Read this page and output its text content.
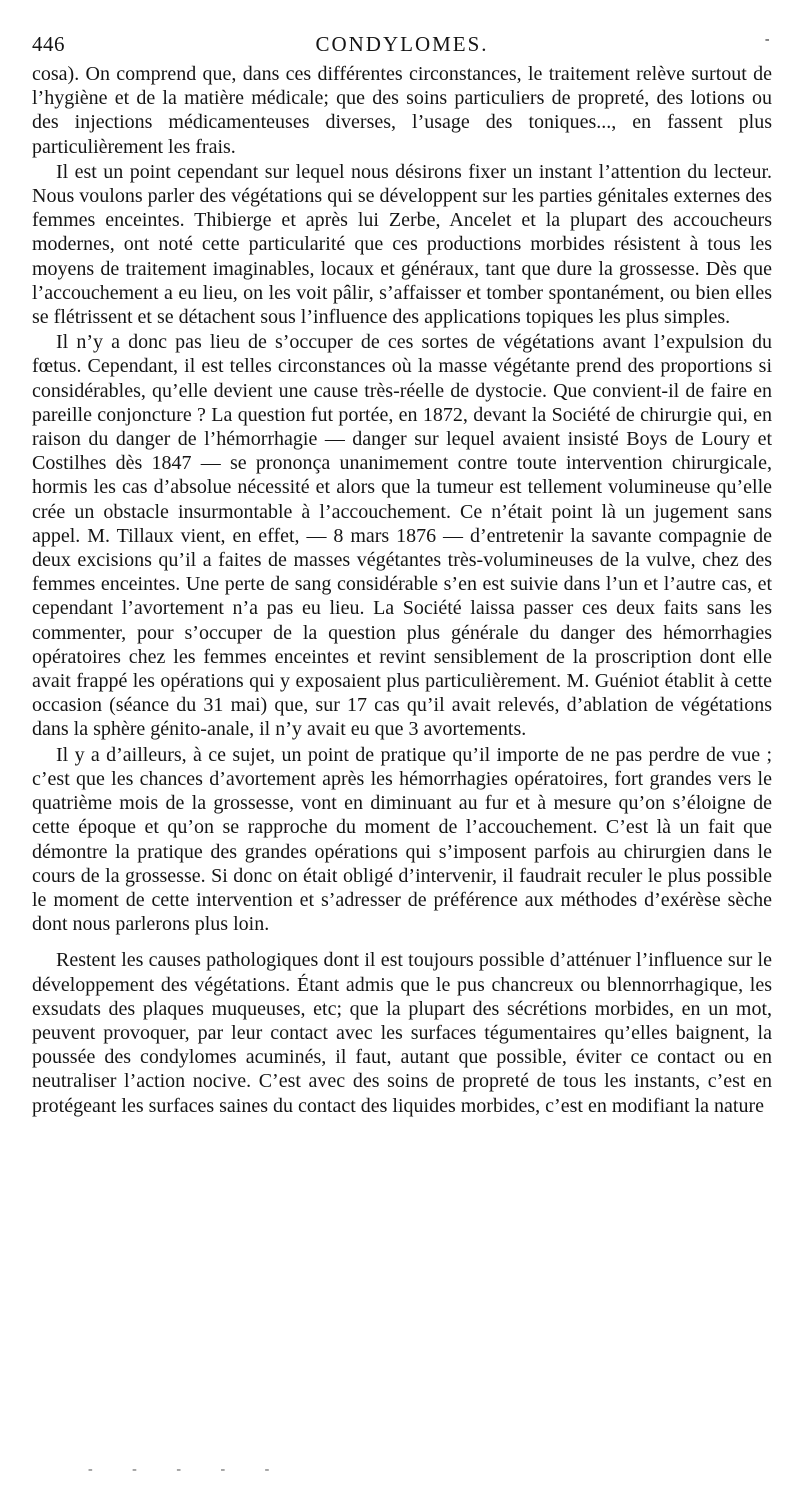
446	CONDYLOMES.	-

cosa). On comprend que, dans ces différentes circonstances, le traitement relève surtout de l’hygiène et de la matière médicale; que des soins particuliers de propreté, des lotions ou des injections médicamenteuses diverses, l’usage des toniques..., en fassent plus particulièrement les frais.

Il est un point cependant sur lequel nous désirons fixer un instant l’attention du lecteur. Nous voulons parler des végétations qui se développent sur les parties génitales externes des femmes enceintes. Thibierge et après lui Zerbe, Ancelet et la plupart des accoucheurs modernes, ont noté cette particularité que ces productions morbides résistent à tous les moyens de traitement imaginables, locaux et généraux, tant que dure la grossesse. Dès que l’accouchement a eu lieu, on les voit pâlir, s’affaisser et tomber spontanément, ou bien elles se flétrissent et se détachent sous l’influence des applications topiques les plus simples.

Il n’y a donc pas lieu de s’occuper de ces sortes de végétations avant l’expulsion du fœtus. Cependant, il est telles circonstances où la masse végétante prend des proportions si considérables, qu’elle devient une cause très-réelle de dystocie. Que convient-il de faire en pareille conjoncture ? La question fut portée, en 1872, devant la Société de chirurgie qui, en raison du danger de l’hémorrhagie — danger sur lequel avaient insisté Boys de Loury et Costilhes dès 1847 — se prononça unanimement contre toute intervention chirurgicale, hormis les cas d’absolue nécessité et alors que la tumeur est tellement volumineuse qu’elle crée un obstacle insurmontable à l’accouchement. Ce n’était point là un jugement sans appel. M. Tillaux vient, en effet, — 8 mars 1876 — d’entretenir la savante compagnie de deux excisions qu’il a faites de masses végétantes très-volumineuses de la vulve, chez des femmes enceintes. Une perte de sang considérable s’en est suivie dans l’un et l’autre cas, et cependant l’avortement n’a pas eu lieu. La Société laissa passer ces deux faits sans les commenter, pour s’occuper de la question plus générale du danger des hémorrhagies opératoires chez les femmes enceintes et revint sensiblement de la proscription dont elle avait frappé les opérations qui y exposaient plus particulièrement. M. Guéniot établit à cette occasion (séance du 31 mai) que, sur 17 cas qu’il avait relevés, d’ablation de végétations dans la sphère génito-anale, il n’y avait eu que 3 avortements.

Il y a d’ailleurs, à ce sujet, un point de pratique qu’il importe de ne pas perdre de vue ; c’est que les chances d’avortement après les hémorrhagies opératoires, fort grandes vers le quatrième mois de la grossesse, vont en diminuant au fur et à mesure qu’on s’éloigne de cette époque et qu’on se rapproche du moment de l’accouchement. C’est là un fait que démontre la pratique des grandes opérations qui s’imposent parfois au chirurgien dans le cours de la grossesse. Si donc on était obligé d’intervenir, il faudrait reculer le plus possible le moment de cette intervention et s’adresser de préférence aux méthodes d’exérèse sèche dont nous parlerons plus loin.

Restent les causes pathologiques dont il est toujours possible d’atténuer l’influence sur le développement des végétations. Étant admis que le pus chancreux ou blennorrhagique, les exsudats des plaques muqueuses, etc; que la plupart des sécrétions morbides, en un mot, peuvent provoquer, par leur contact avec les surfaces tégumentaires qu’elles baignent, la poussée des condylomes acuminés, il faut, autant que possible, éviter ce contact ou en neutraliser l’action nocive. C’est avec des soins de propreté de tous les instants, c’est en protégeant les surfaces saines du contact des liquides morbides, c’est en modifiant la nature

- - - - -
